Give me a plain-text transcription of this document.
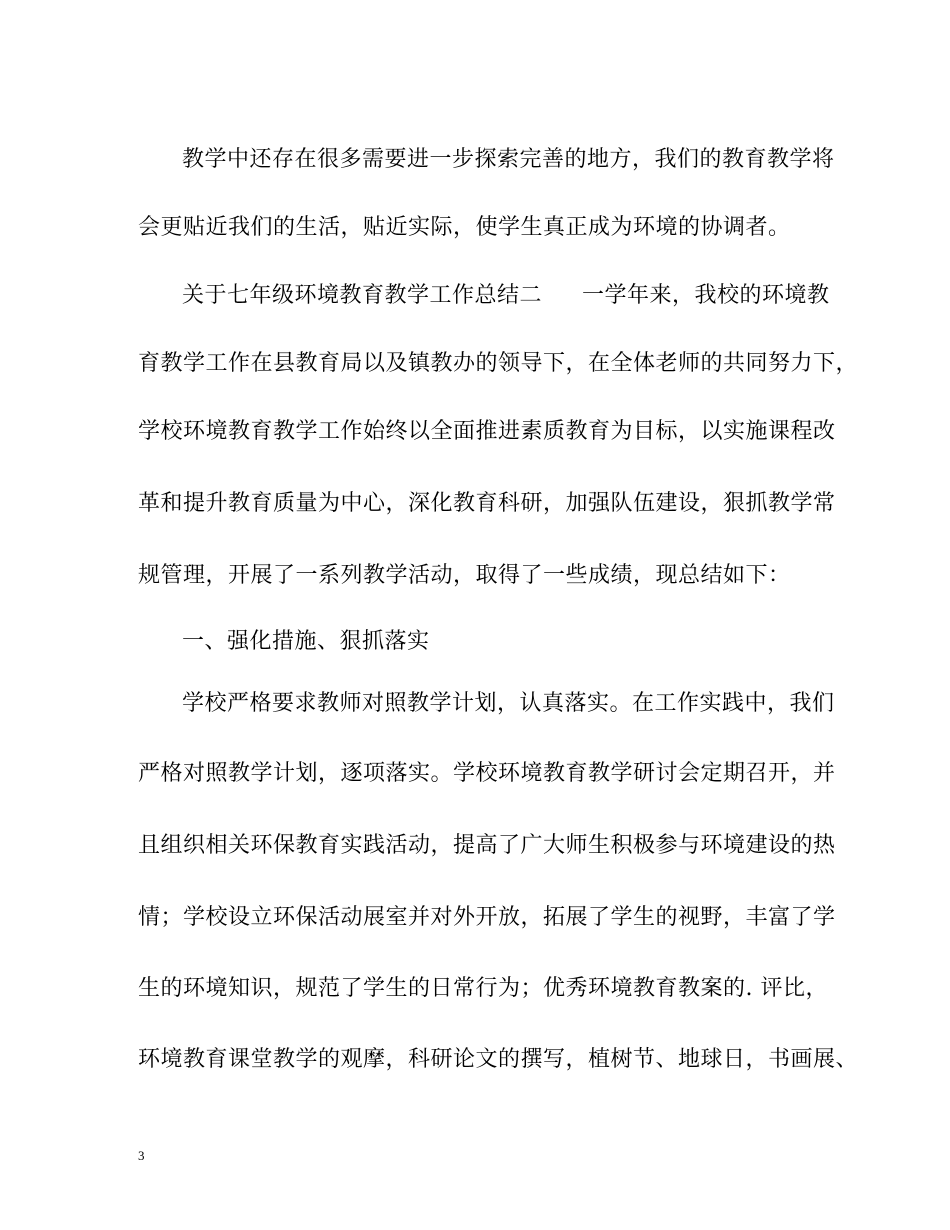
教学中还存在很多需要进一步探索完善的地方，我们的教育教学将
会更贴近我们的生活，贴近实际，使学生真正成为环境的协调者。
关于七年级环境教育教学工作总结二 一学年来，我校的环境教
育教学工作在县教育局以及镇教办的领导下，在全体老师的共同努力下，
学校环境教育教学工作始终以全面推进素质教育为目标，以实施课程改
革和提升教育质量为中心，深化教育科研，加强队伍建设，狠抓教学常
规管理，开展了一系列教学活动，取得了一些成绩，现总结如下：
一、强化措施、狠抓落实
学校严格要求教师对照教学计划，认真落实。在工作实践中，我们
严格对照教学计划，逐项落实。学校环境教育教学研讨会定期召开，并
且组织相关环保教育实践活动，提高了广大师生积极参与环境建设的热
情；学校设立环保活动展室并对外开放，拓展了学生的视野，丰富了学
生的环境知识，规范了学生的日常行为；优秀环境教育教案的. 评比，
环境教育课堂教学的观摩，科研论文的撰写，植树节、地球日，书画展、
3
